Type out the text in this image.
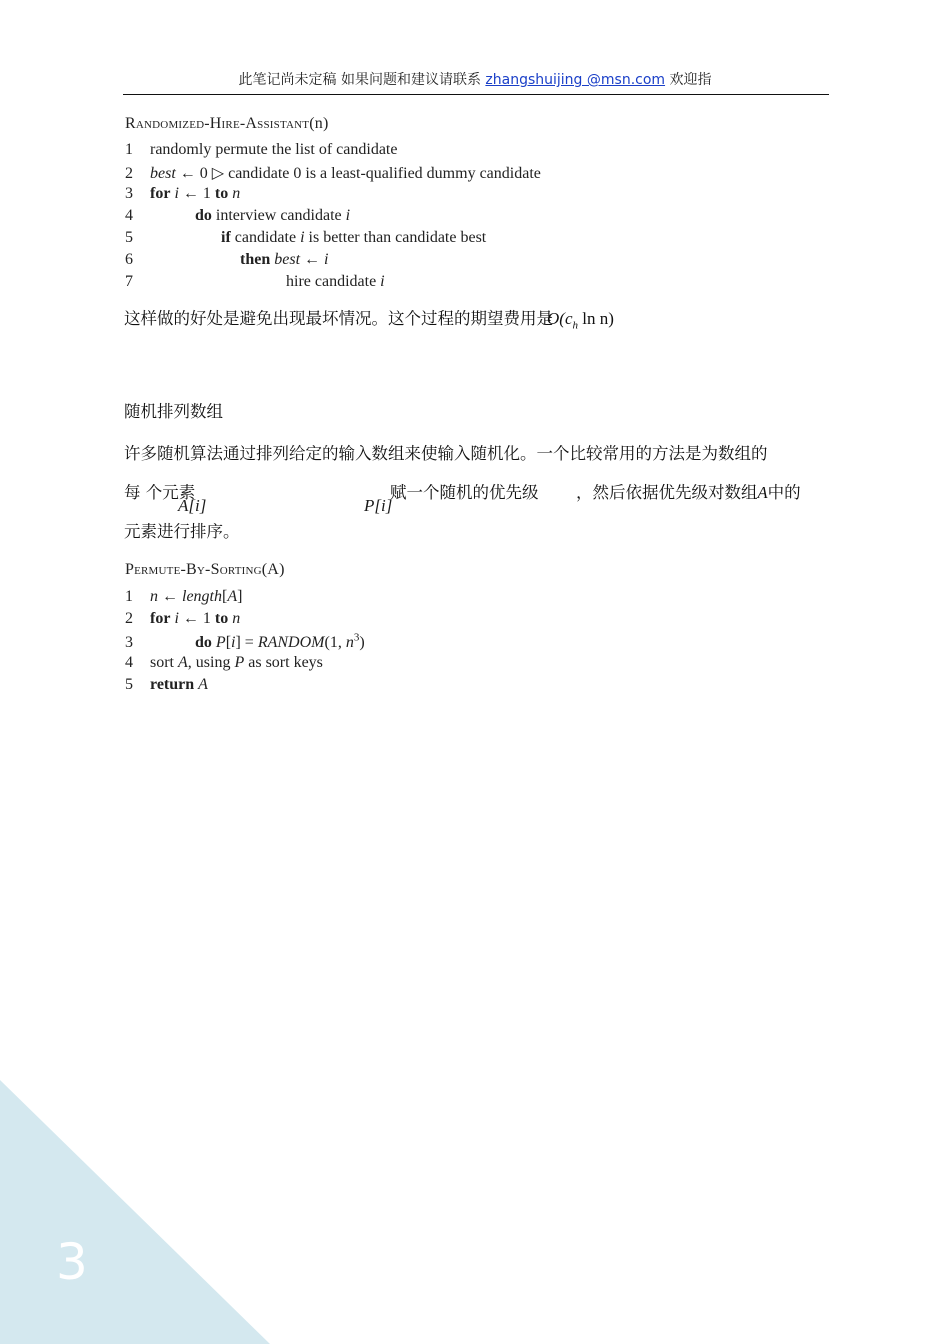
此笔记尚未定稿 如果问题和建议请联系 zhangshuijing @msn.com 欢迎指
Randomized-Hire-Assistant(n)
1 randomly permute the list of candidate
2 best ← 0 ▷ candidate 0 is a least-qualified dummy candidate
3 for i ← 1 to n
4	do interview candidate i
5	if candidate i is better than candidate best
6	then best ← i
7	hire candidate i
这样做的好处是避免出现最坏情况。这个过程的期望费用是$O(c_h$ ln n)
随机排列数组
许多随机算法通过排列给定的输入数组来使输入随机化。一个比较常用的方法是为数组的
每 个元素	赋一个随机的优先级 ，然后依据优先级对数组A中的
A[i]	P[i]
元素进行排序。
Permute-By-Sorting(A)
1 n ← length[A]
2 for i ← 1 to n
3	do P[i] = RANDOM(1, $n^3$)
4 sort A, using P as sort keys
5 return A
3
